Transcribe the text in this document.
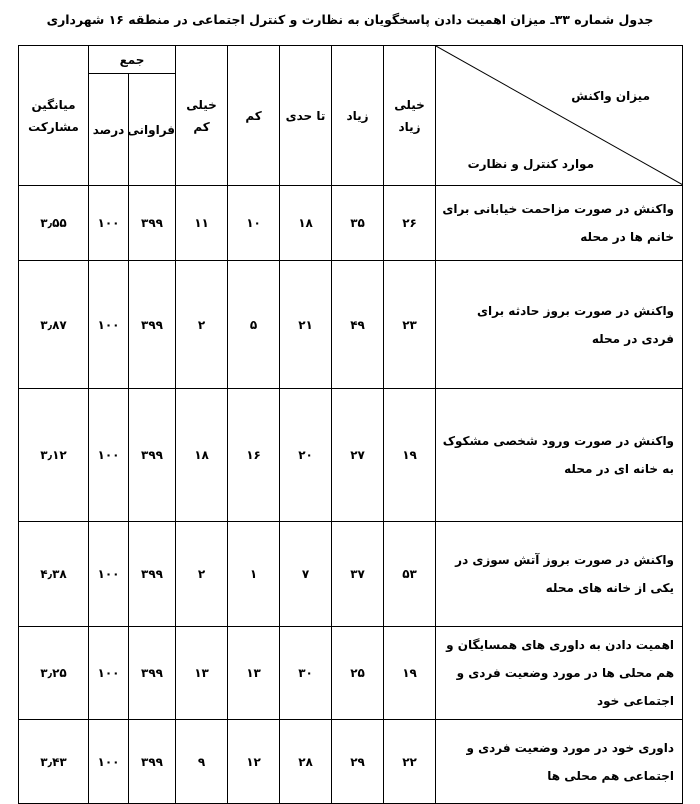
جدول شماره ۳۳ـ میزان اهمیت دادن پاسخگویان به نظارت و کنترل اجتماعی در منطقه ۱۶ شهرداری
میزان واکنش
موارد کنترل و نظارت	خیلی زیاد	زیاد	تا حدی	کم	خیلی کم	جمع		میانگین مشارکت
						فراوانی	درصد	
واکنش در صورت مزاحمت خیابانی برای خانم ها در محله	۲۶	۳۵	۱۸	۱۰	۱۱	۳۹۹	۱۰۰	۳٫۵۵
واکنش در صورت بروز حادثه برای فردی در محله	۲۳	۴۹	۲۱	۵	۲	۳۹۹	۱۰۰	۳٫۸۷
واکنش در صورت ورود شخصی مشکوک به خانه ای در محله	۱۹	۲۷	۲۰	۱۶	۱۸	۳۹۹	۱۰۰	۳٫۱۲
واکنش در صورت بروز آتش سوزی در یکی از خانه های محله	۵۳	۳۷	۷	۱	۲	۳۹۹	۱۰۰	۴٫۳۸
اهمیت دادن به داوری های همسایگان و هم محلی ها در مورد وضعیت فردی و اجتماعی خود	۱۹	۲۵	۳۰	۱۳	۱۳	۳۹۹	۱۰۰	۳٫۲۵
داوری خود در مورد وضعیت فردی و اجتماعی هم محلی ها	۲۲	۲۹	۲۸	۱۲	۹	۳۹۹	۱۰۰	۳٫۴۳
